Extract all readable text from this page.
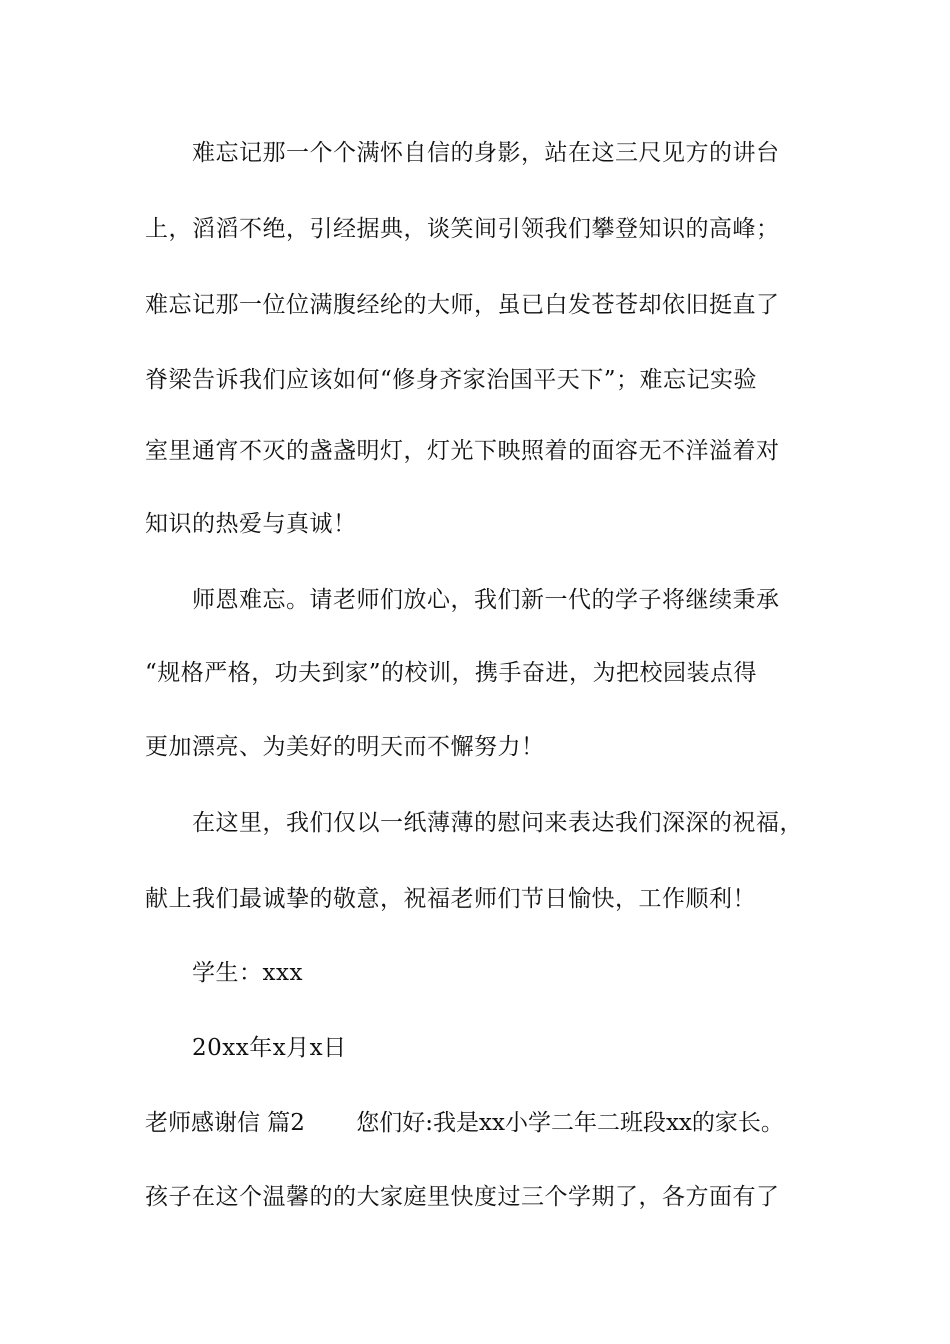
难忘记那一个个满怀自信的身影，站在这三尺见方的讲台
上，滔滔不绝，引经据典，谈笑间引领我们攀登知识的高峰；
难忘记那一位位满腹经纶的大师，虽已白发苍苍却依旧挺直了
脊梁告诉我们应该如何“修身齐家治国平天下”；难忘记实验
室里通宵不灭的盏盏明灯，灯光下映照着的面容无不洋溢着对
知识的热爱与真诚！
师恩难忘。请老师们放心，我们新一代的学子将继续秉承
“规格严格，功夫到家”的校训，携手奋进，为把校园装点得
更加漂亮、为美好的明天而不懈努力！
在这里，我们仅以一纸薄薄的慰问来表达我们深深的祝福，
献上我们最诚挚的敬意，祝福老师们节日愉快，工作顺利！
学生：xxx
20xx年x月x日
老师感谢信 篇2 您们好:我是xx小学二年二班段xx的家长。
孩子在这个温馨的的大家庭里快度过三个学期了，各方面有了
